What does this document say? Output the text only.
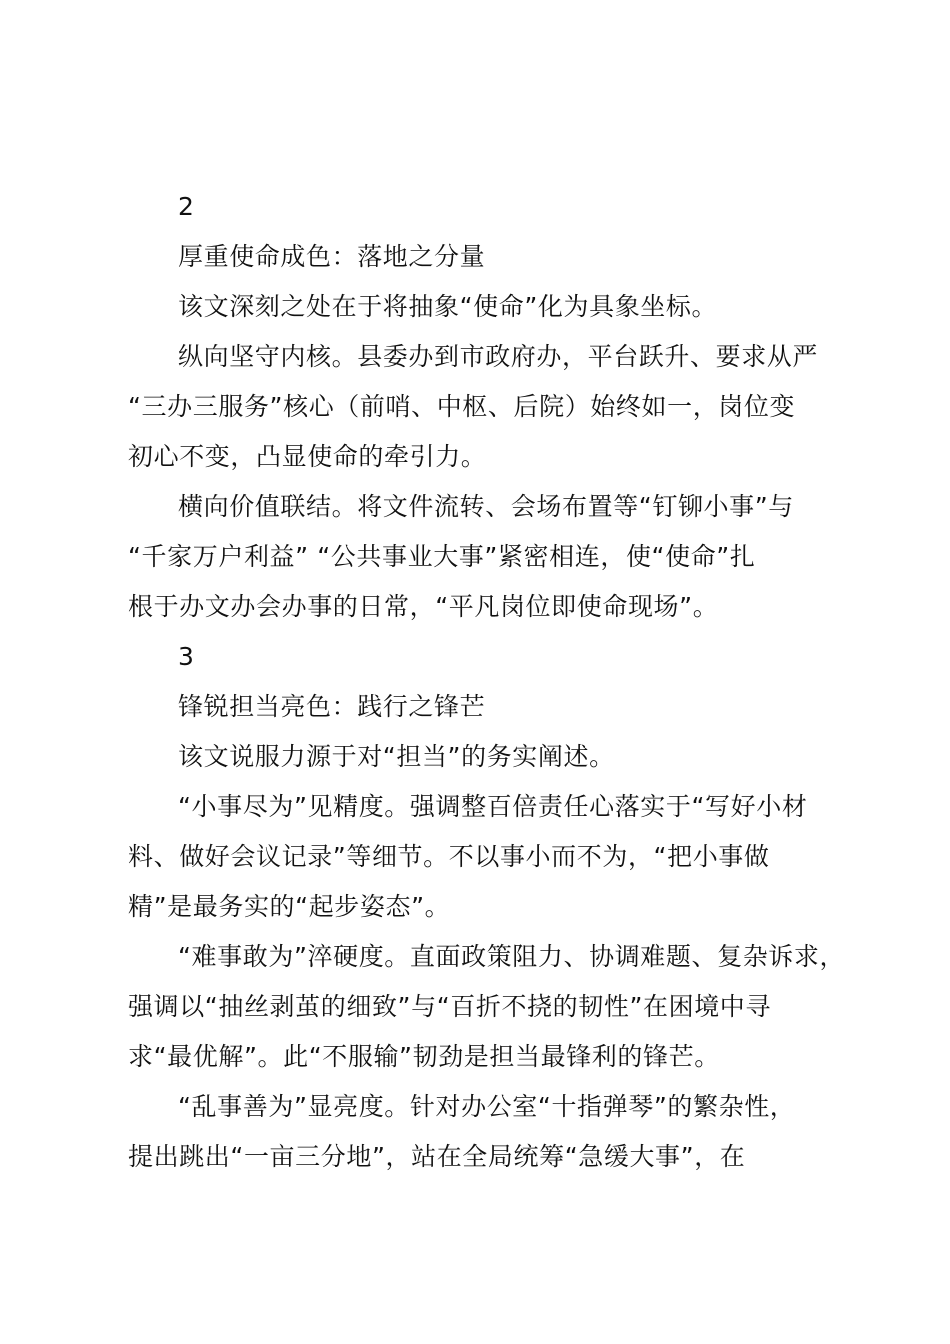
2
厚重使命成色：落地之分量
该文深刻之处在于将抽象“使命”化为具象坐标。
纵向坚守内核。县委办到市政府办，平台跃升、要求从严
“三办三服务”核心（前哨、中枢、后院）始终如一，岗位变
初心不变，凸显使命的牵引力。
横向价值联结。将文件流转、会场布置等“钉铆小事”与
“千家万户利益” “公共事业大事”紧密相连，使“使命”扎
根于办文办会办事的日常，“平凡岗位即使命现场”。
3
锋锐担当亮色：践行之锋芒
该文说服力源于对“担当”的务实阐述。
“小事尽为”见精度。强调整百倍责任心落实于“写好小材
料、做好会议记录”等细节。不以事小而不为，“把小事做
精”是最务实的“起步姿态”。
“难事敢为”淬硬度。直面政策阻力、协调难题、复杂诉求，
强调以“抽丝剥茧的细致”与“百折不挠的韧性”在困境中寻
求“最优解”。此“不服输”韧劲是担当最锋利的锋芒。
“乱事善为”显亮度。针对办公室“十指弹琴”的繁杂性，
提出跳出“一亩三分地”，站在全局统筹“急缓大事”，在
